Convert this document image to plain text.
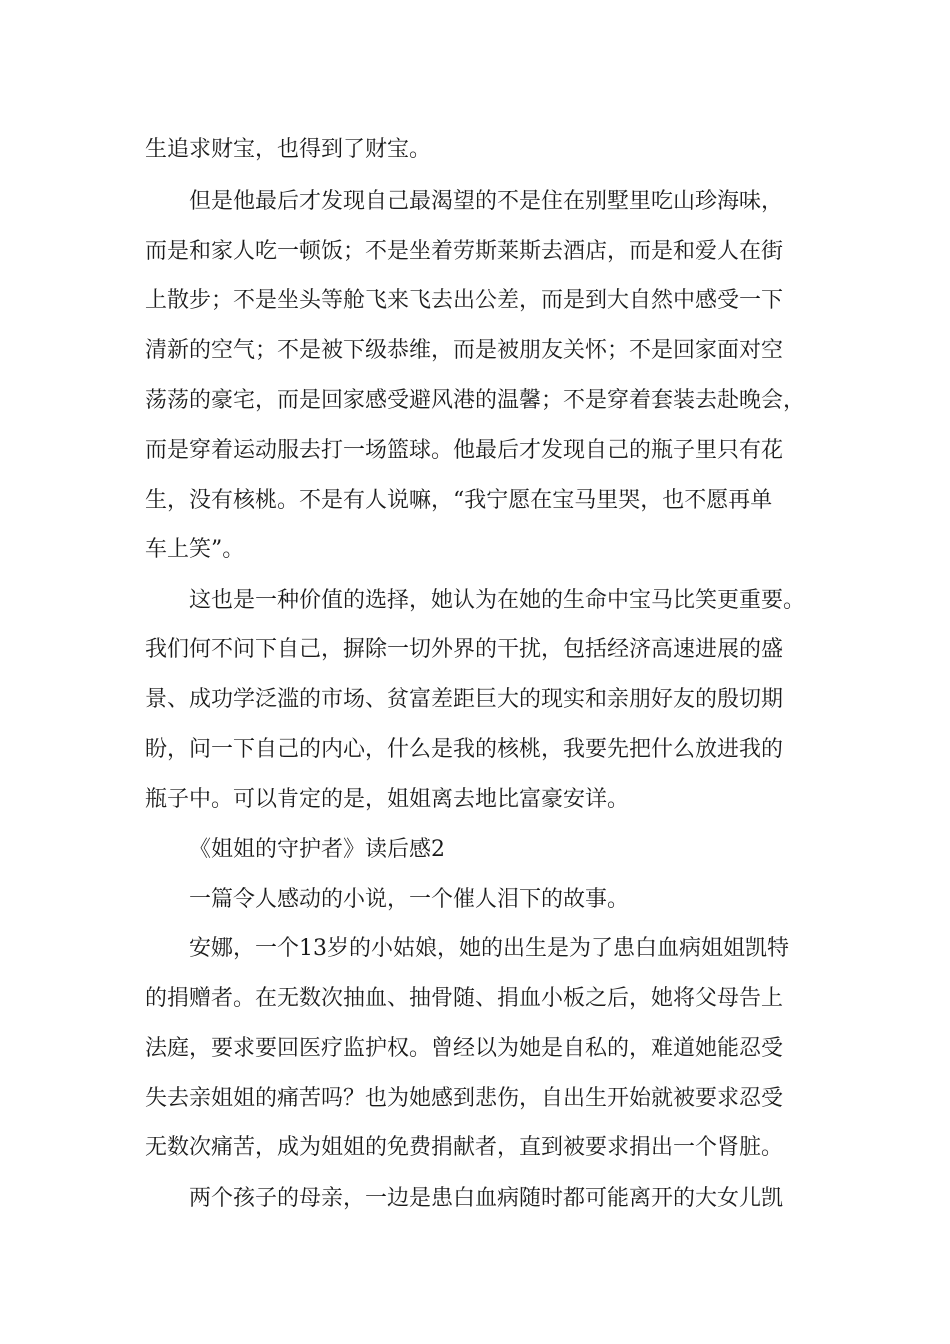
生追求财宝，也得到了财宝。

但是他最后才发现自己最渴望的不是住在别墅里吃山珍海味，

而是和家人吃一顿饭；不是坐着劳斯莱斯去酒店，而是和爱人在街

上散步；不是坐头等舱飞来飞去出公差，而是到大自然中感受一下

清新的空气；不是被下级恭维，而是被朋友关怀；不是回家面对空

荡荡的豪宅，而是回家感受避风港的温馨；不是穿着套装去赴晚会，

而是穿着运动服去打一场篮球。他最后才发现自己的瓶子里只有花

生，没有核桃。不是有人说嘛，“我宁愿在宝马里哭，也不愿再单

车上笑”。

这也是一种价值的选择，她认为在她的生命中宝马比笑更重要。

我们何不问下自己，摒除一切外界的干扰，包括经济高速进展的盛

景、成功学泛滥的市场、贫富差距巨大的现实和亲朋好友的殷切期

盼，问一下自己的内心，什么是我的核桃，我要先把什么放进我的

瓶子中。可以肯定的是，姐姐离去地比富豪安详。

《姐姐的守护者》读后感2

一篇令人感动的小说，一个催人泪下的故事。

安娜，一个13岁的小姑娘，她的出生是为了患白血病姐姐凯特

的捐赠者。在无数次抽血、抽骨随、捐血小板之后，她将父母告上

法庭，要求要回医疗监护权。曾经以为她是自私的，难道她能忍受

失去亲姐姐的痛苦吗？也为她感到悲伤，自出生开始就被要求忍受

无数次痛苦，成为姐姐的免费捐献者，直到被要求捐出一个肾脏。

两个孩子的母亲，一边是患白血病随时都可能离开的大女儿凯
